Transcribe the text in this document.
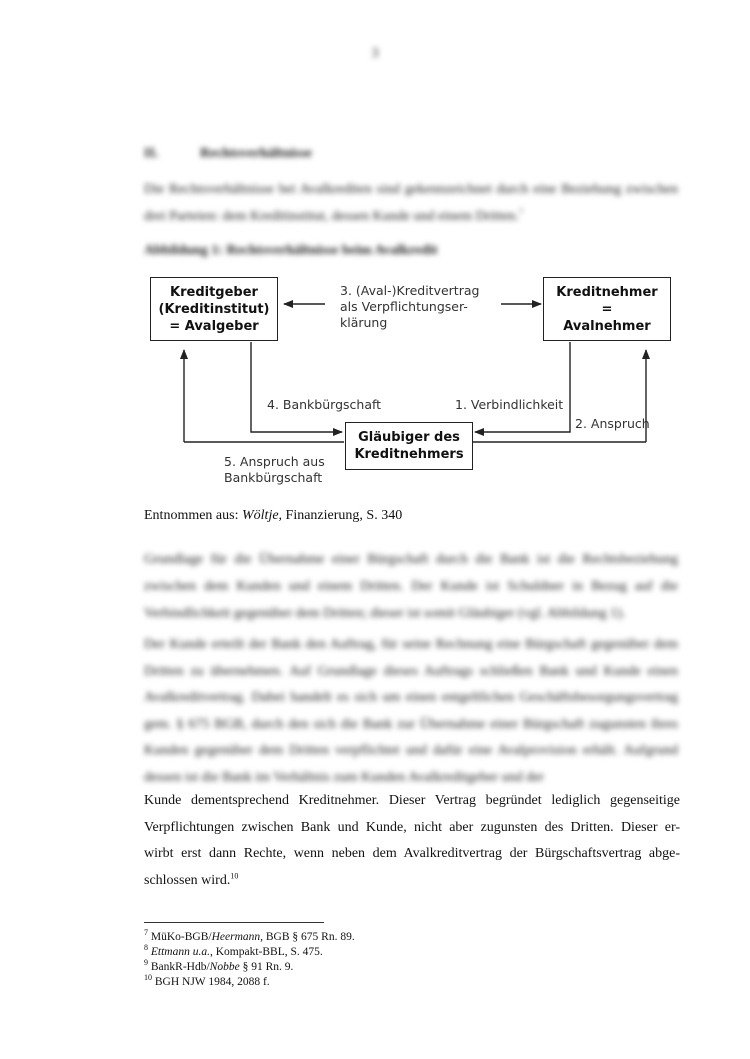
3
II.	Rechtsverhältnisse
Die Rechtsverhältnisse bei Avalkrediten sind gekennzeichnet durch eine Beziehung zwischen drei Parteien: dem Kreditinstitut, dessen Kunde und einem Dritten.$^7$
Abbildung 1: Rechtsverhältnisse beim Avalkredit
Kreditgeber
(Kreditinstitut)
= Avalgeber
Kreditnehmer
=
Avalnehmer
Gläubiger des
Kreditnehmers
3. (Aval-)Kreditvertrag
als Verpflichtungser-
klärung
4. Bankbürgschaft	1. Verbindlichkeit
2. Anspruch
5. Anspruch aus
Bankbürgschaft
Entnommen aus: Wöltje, Finanzierung, S. 340
Grundlage für die Übernahme einer Bürgschaft durch die Bank ist die Rechtsbeziehung zwischen dem Kunden und einem Dritten. Der Kunde ist Schuldner in Bezug auf die Verbindlichkeit gegenüber dem Dritten; dieser ist somit Gläubiger (vgl. Abbildung 1).
Der Kunde erteilt der Bank den Auftrag, für seine Rechnung eine Bürgschaft gegenüber dem Dritten zu übernehmen. Auf Grundlage dieses Auftrags schließen Bank und Kunde einen Avalkreditvertrag. Dabei handelt es sich um einen entgeltlichen Geschäftsbesorgungsvertrag gem. § 675 BGB, durch den sich die Bank zur Übernahme einer Bürgschaft zugunsten ihres Kunden gegenüber dem Dritten verpflichtet und dafür eine Avalprovision erhält. Aufgrund dessen ist die Bank im Verhältnis zum Kunden Avalkreditgeber und der
Kunde dementsprechend Kreditnehmer. Dieser Vertrag begründet lediglich gegenseitige
Verpflichtungen zwischen Bank und Kunde, nicht aber zugunsten des Dritten. Dieser er-
wirbt erst dann Rechte, wenn neben dem Avalkreditvertrag der Bürgschaftsvertrag abge-
schlossen wird.$^{10}$
$^7$ MüKo-BGB/Heermann, BGB § 675 Rn. 89.
$^8$ Ettmann u.a., Kompakt-BBL, S. 475.
$^9$ BankR-Hdb/Nobbe § 91 Rn. 9.
$^{10}$ BGH NJW 1984, 2088 f.
